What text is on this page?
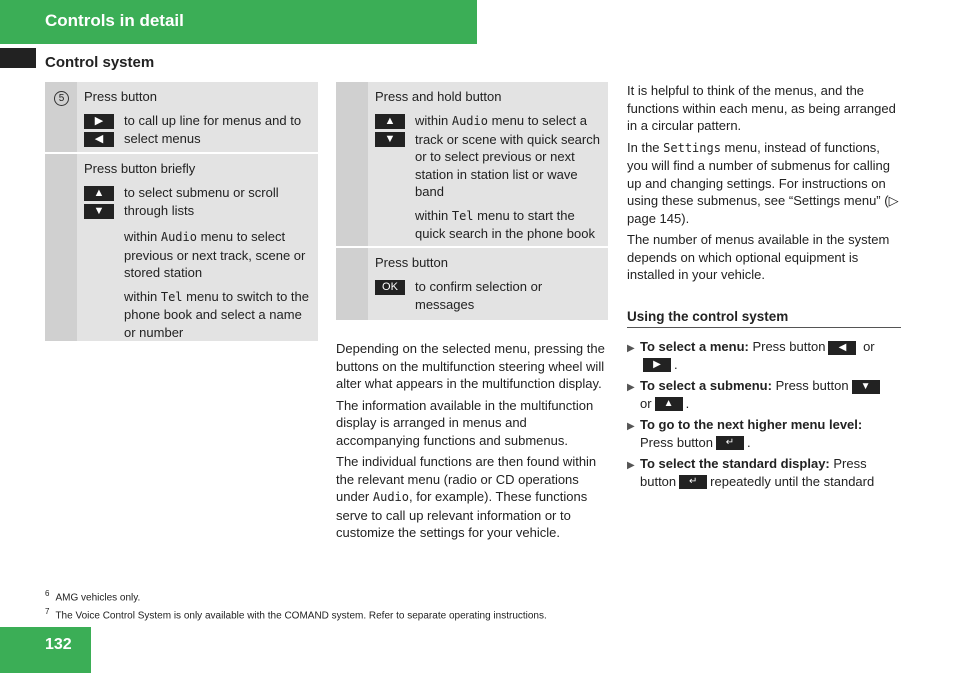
Controls in detail
Control system
5	Press button
▶
◀
to call up line for menus and to select menus
Press button briefly
▲
▼
to select submenu or scroll through lists
within Audio menu to select previous or next track, scene or stored station
within Tel menu to switch to the phone book and select a name or number
Press and hold button
▲
▼
within Audio menu to select a track or scene with quick search or to select previous or next station in station list or wave band
within Tel menu to start the quick search in the phone book
Press button
OK	to confirm selection or messages

Depending on the selected menu, pressing the buttons on the multifunction steering wheel will alter what appears in the multifunction display.

The information available in the multifunction display is arranged in menus and accompanying functions and submenus.

The individual functions are then found within the relevant menu (radio or CD operations under Audio, for example). These functions serve to call up relevant information or to customize the settings for your vehicle.

It is helpful to think of the menus, and the functions within each menu, as being arranged in a circular pattern.

In the Settings menu, instead of functions, you will find a number of submenus for calling up and changing settings. For instructions on using these submenus, see “Settings menu” (▷ page 145).

The number of menus available in the system depends on which optional equipment is installed in your vehicle.

Using the control system
▶ To select a menu: Press button ◀ or
▶ .
▶ To select a submenu: Press button ▼
or ▲ .
▶ To go to the next higher menu level:
Press button ↵ .
▶ To select the standard display: Press button ↵ repeatedly until the standard
$^6$ AMG vehicles only.
$^7$ The Voice Control System is only available with the COMAND system. Refer to separate operating instructions.
132
